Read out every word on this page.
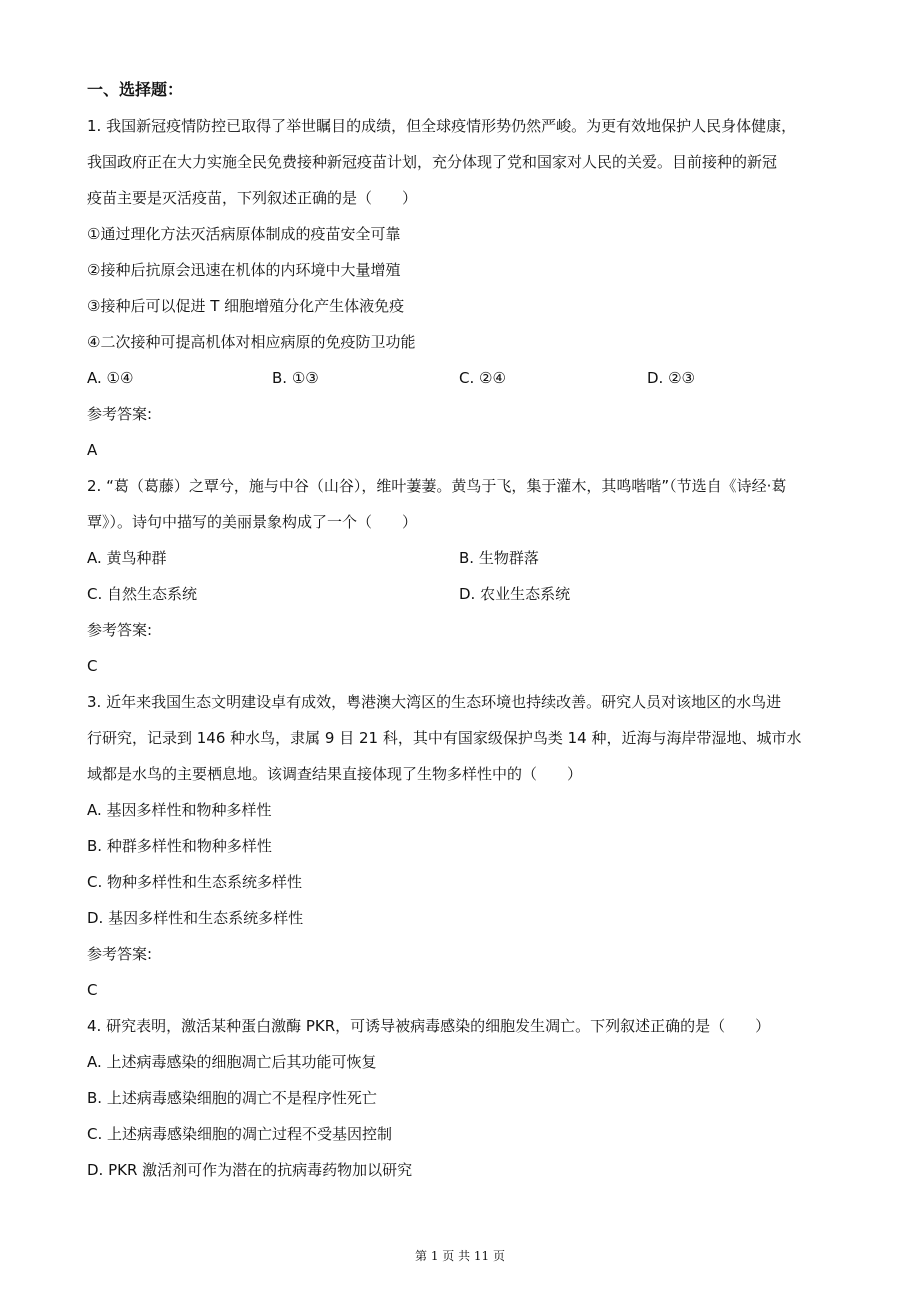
一、选择题：
1. 我国新冠疫情防控已取得了举世瞩目的成绩，但全球疫情形势仍然严峻。为更有效地保护人民身体健康，
我国政府正在大力实施全民免费接种新冠疫苗计划，充分体现了党和国家对人民的关爱。目前接种的新冠
疫苗主要是灭活疫苗，下列叙述正确的是（　　）
①通过理化方法灭活病原体制成的疫苗安全可靠
②接种后抗原会迅速在机体的内环境中大量增殖
③接种后可以促进 T 细胞增殖分化产生体液免疫
④二次接种可提高机体对相应病原的免疫防卫功能
A. ①④	B. ①③	C. ②④	D. ②③
参考答案:
A
2. “葛（葛藤）之覃兮，施与中谷（山谷），维叶萋萋。黄鸟于飞，集于灌木，其鸣喈喈”（节选自《诗经·葛
覃》）。诗句中描写的美丽景象构成了一个（　　）
A. 黄鸟种群	B. 生物群落
C. 自然生态系统	D. 农业生态系统
参考答案:
C
3. 近年来我国生态文明建设卓有成效，粤港澳大湾区的生态环境也持续改善。研究人员对该地区的水鸟进
行研究，记录到 146 种水鸟，隶属 9 目 21 科，其中有国家级保护鸟类 14 种，近海与海岸带湿地、城市水
域都是水鸟的主要栖息地。该调查结果直接体现了生物多样性中的（　　）
A. 基因多样性和物种多样性
B. 种群多样性和物种多样性
C. 物种多样性和生态系统多样性
D. 基因多样性和生态系统多样性
参考答案:
C
4. 研究表明，激活某种蛋白激酶 PKR，可诱导被病毒感染的细胞发生凋亡。下列叙述正确的是（　　）
A. 上述病毒感染的细胞凋亡后其功能可恢复
B. 上述病毒感染细胞的凋亡不是程序性死亡
C. 上述病毒感染细胞的凋亡过程不受基因控制
D. PKR 激活剂可作为潜在的抗病毒药物加以研究
第 1 页 共 11 页
